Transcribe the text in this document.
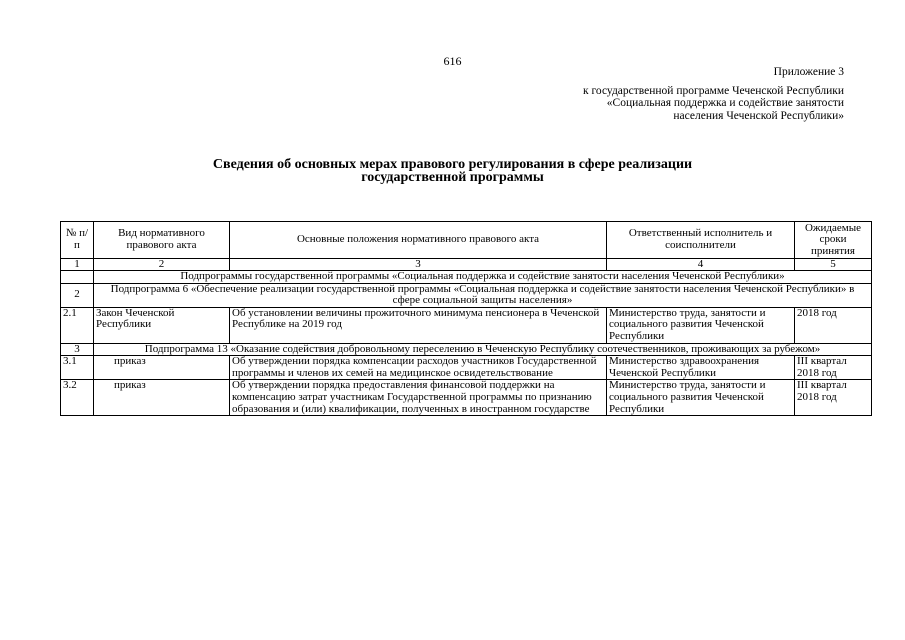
616
Приложение 3
к государственной программе Чеченской Республики
«Социальная поддержка и содействие занятости
населения Чеченской Республики»
Сведения об основных мерах правового регулирования в сфере реализации
государственной программы
№ п/п	Вид нормативного правового акта	Основные положения нормативного правового акта	Ответственный исполнитель и соисполнители	Ожидаемые сроки принятия
1	2	3	4	5
	Подпрограммы государственной программы «Социальная поддержка и содействие занятости населения Чеченской Республики»			
2	Подпрограмма 6 «Обеспечение реализации государственной программы «Социальная поддержка и содействие занятости населения Чеченской Республики» в сфере социальной защиты населения»			
2.1	Закон Чеченской Республики	Об установлении величины прожиточного минимума пенсионера в Чеченской Республике на 2019 год	Министерство труда, занятости и социального развития Чеченской Республики	2018 год
3	Подпрограмма 13 «Оказание содействия добровольному переселению в Чеченскую Республику соотечественников, проживающих за рубежом»			
3.1	приказ	Об утверждении порядка компенсации расходов участников Государственной программы и членов их семей на медицинское освидетельствование	Министерство здравоохранения Чеченской Республики	III квартал 2018 год
3.2	приказ	Об утверждении порядка предоставления финансовой поддержки на компенсацию затрат участникам Государственной программы по признанию образования и (или) квалификации, полученных в иностранном государстве	Министерство труда, занятости и социального развития Чеченской Республики	III квартал 2018 год
